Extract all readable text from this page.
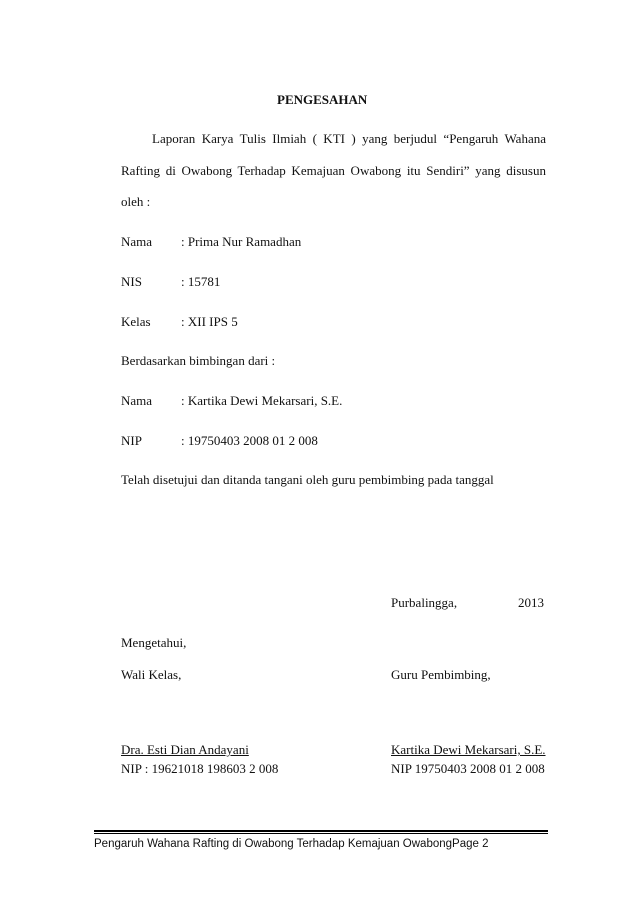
PENGESAHAN
Laporan Karya Tulis Ilmiah ( KTI ) yang berjudul “Pengaruh Wahana
Rafting di Owabong Terhadap Kemajuan Owabong itu Sendiri” yang disusun
oleh :
Nama : Prima Nur Ramadhan
NIS	: 15781
Kelas : XII IPS 5
Berdasarkan bimbingan dari :
Nama : Kartika Dewi Mekarsari, S.E.
NIP	: 19750403 2008 01 2 008
Telah disetujui dan ditanda tangani oleh guru pembimbing pada tanggal
Purbalingga,	2013
Mengetahui,
Wali Kelas,	Guru Pembimbing,
Dra. Esti Dian Andayani	Kartika Dewi Mekarsari, S.E.
NIP : 19621018 198603 2 008	NIP 19750403 2008 01 2 008
Pengaruh Wahana Rafting di Owabong Terhadap Kemajuan OwabongPage 2
